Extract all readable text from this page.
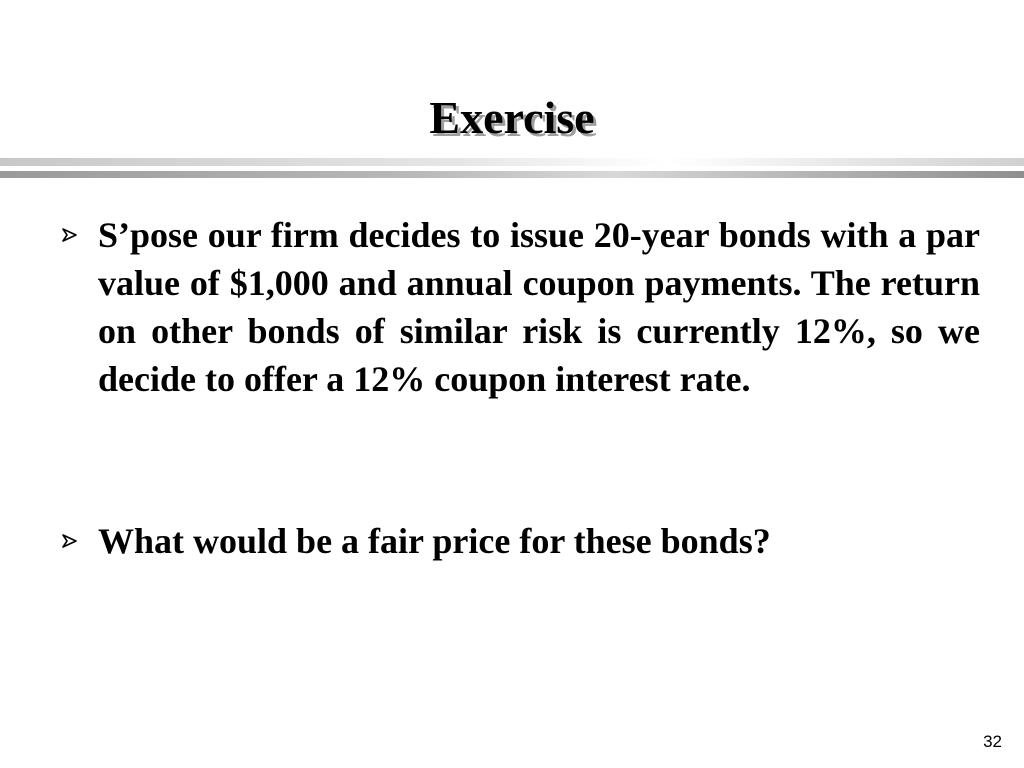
Exercise
S’pose our firm decides to issue 20-year bonds with a par value of $1,000 and annual coupon payments. The return on other bonds of similar risk is currently 12%, so we decide to offer a 12% coupon interest rate.
What would be a fair price for these bonds?
32
